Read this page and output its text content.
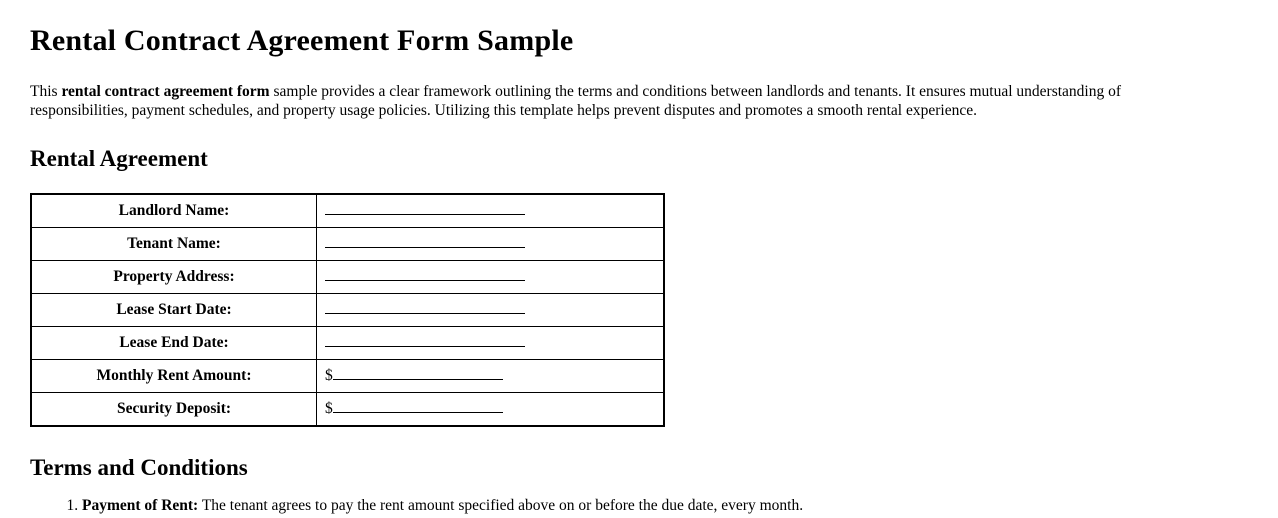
Rental Contract Agreement Form Sample

This rental contract agreement form sample provides a clear framework outlining the terms and conditions between landlords and tenants. It ensures mutual understanding of responsibilities, payment schedules, and property usage policies. Utilizing this template helps prevent disputes and promotes a smooth rental experience.

Rental Agreement
Landlord Name:	
Tenant Name:	
Property Address:	
Lease Start Date:	
Lease End Date:	
Monthly Rent Amount:	$
Security Deposit:	$
Terms and Conditions
1. Payment of Rent: The tenant agrees to pay the rent amount specified above on or before the due date, every month.
